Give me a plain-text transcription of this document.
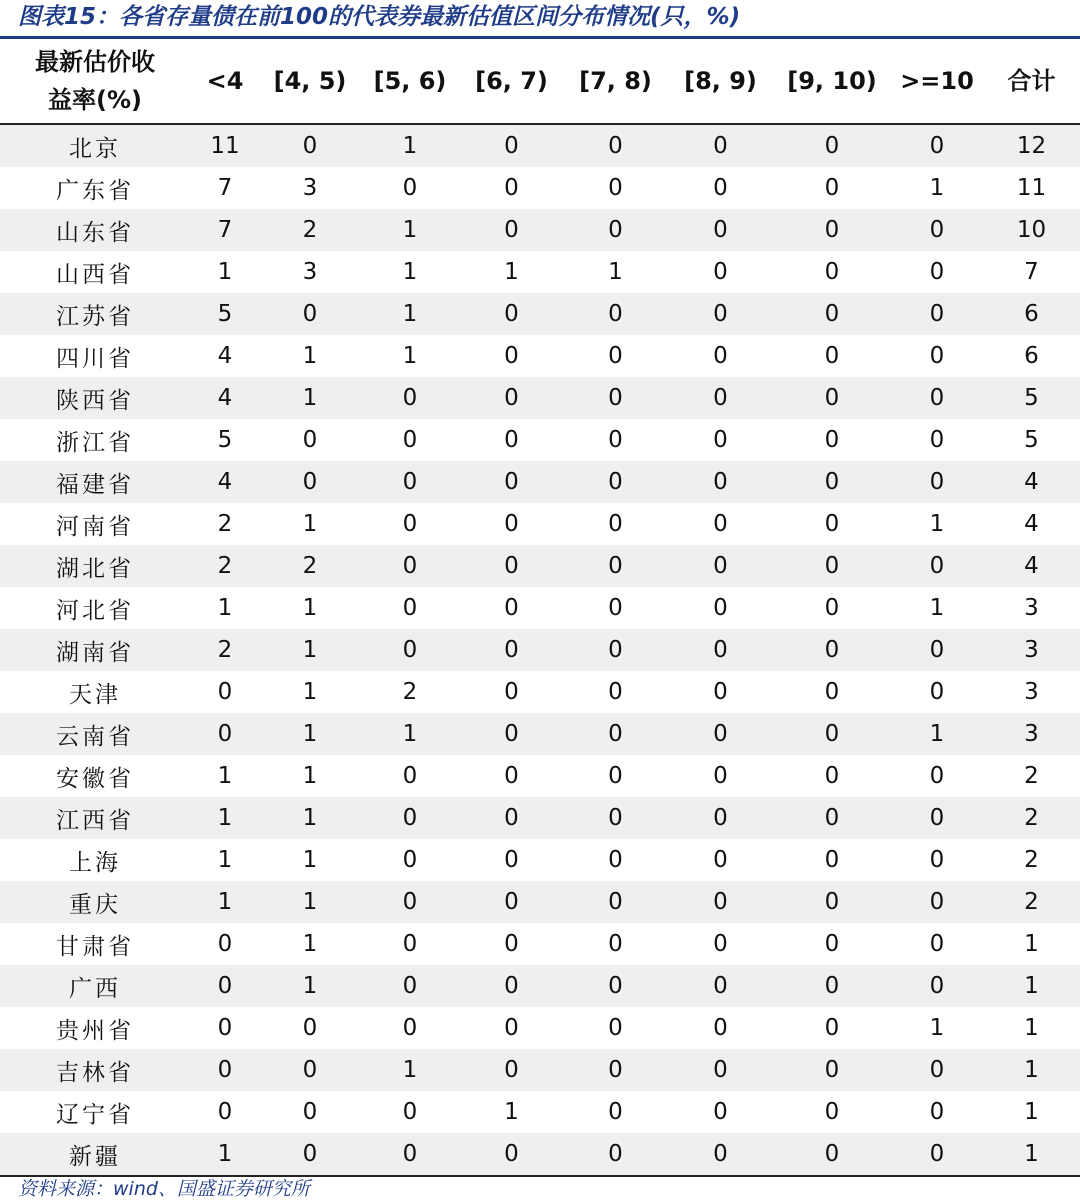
图表15：各省存量债在前100的代表券最新估值区间分布情况(只，%)
最新估价收
益率(%)	<4	[4, 5)	[5, 6)	[6, 7)	[7, 8)	[8, 9)	[9, 10)	>=10	合计
北京	11	0	1	0	0	0	0	0	12
广东省	7	3	0	0	0	0	0	1	11
山东省	7	2	1	0	0	0	0	0	10
山西省	1	3	1	1	1	0	0	0	7
江苏省	5	0	1	0	0	0	0	0	6
四川省	4	1	1	0	0	0	0	0	6
陕西省	4	1	0	0	0	0	0	0	5
浙江省	5	0	0	0	0	0	0	0	5
福建省	4	0	0	0	0	0	0	0	4
河南省	2	1	0	0	0	0	0	1	4
湖北省	2	2	0	0	0	0	0	0	4
河北省	1	1	0	0	0	0	0	1	3
湖南省	2	1	0	0	0	0	0	0	3
天津	0	1	2	0	0	0	0	0	3
云南省	0	1	1	0	0	0	0	1	3
安徽省	1	1	0	0	0	0	0	0	2
江西省	1	1	0	0	0	0	0	0	2
上海	1	1	0	0	0	0	0	0	2
重庆	1	1	0	0	0	0	0	0	2
甘肃省	0	1	0	0	0	0	0	0	1
广西	0	1	0	0	0	0	0	0	1
贵州省	0	0	0	0	0	0	0	1	1
吉林省	0	0	1	0	0	0	0	0	1
辽宁省	0	0	0	1	0	0	0	0	1
新疆	1	0	0	0	0	0	0	0	1
资料来源：wind、国盛证券研究所
